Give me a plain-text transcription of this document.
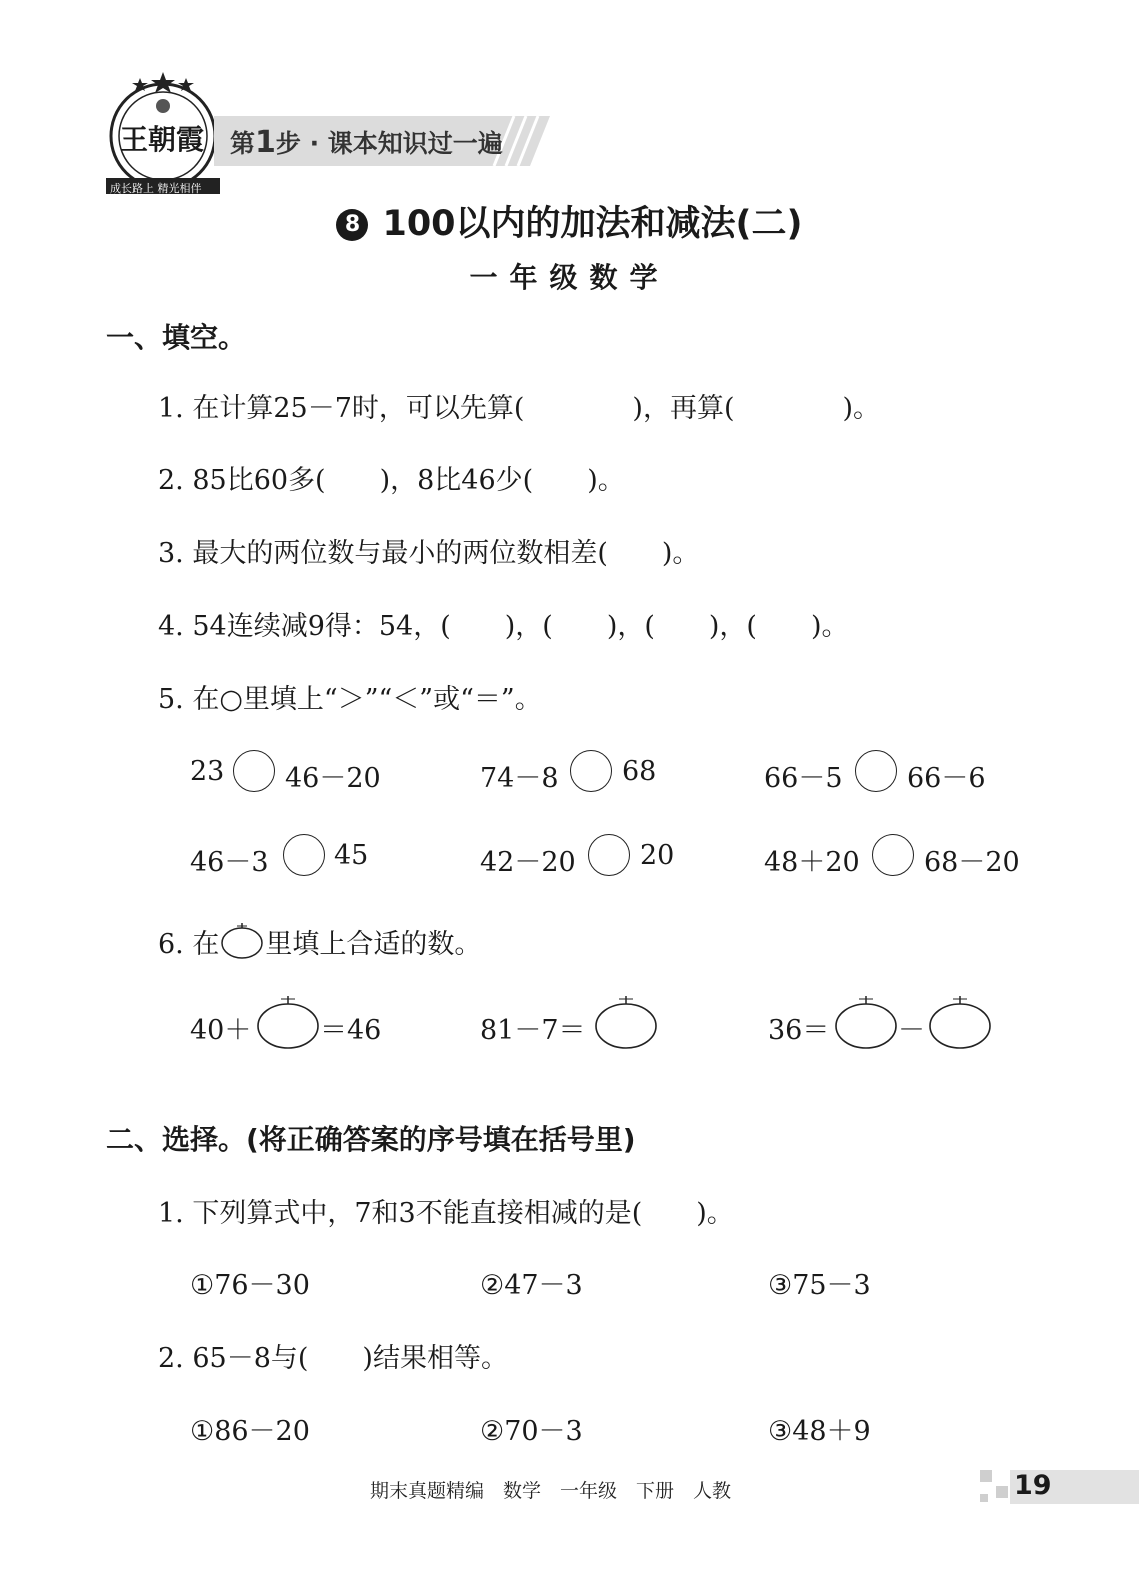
王朝霞
成长路上 精光相伴
第1步 · 课本知识过一遍
8 100以内的加法和减法(二)
一年级数学
一、填空。
1. 在计算25－7时，可以先算(　　　　)，再算(　　　　)。
2. 85比60多(　　)，8比46少(　　)。
3. 最大的两位数与最小的两位数相差(　　)。
4. 54连续减9得：54，(　　)，(　　)，(　　)，(　　)。
5. 在○里填上“＞”“＜”或“＝”。
23 46－20	74－8 68	66－5 66－6
46－3 45	42－20 20	48＋20 68－20
6. 在 里填上合适的数。
40＋	＝46	81－7＝	36＝	－
二、选择。(将正确答案的序号填在括号里)
1. 下列算式中，7和3不能直接相减的是(　　)。
①76－30	②47－3	③75－3
2. 65－8与(　　)结果相等。
①86－20	②70－3	③48＋9
期末真题精编　数学　一年级　下册　人教	19
